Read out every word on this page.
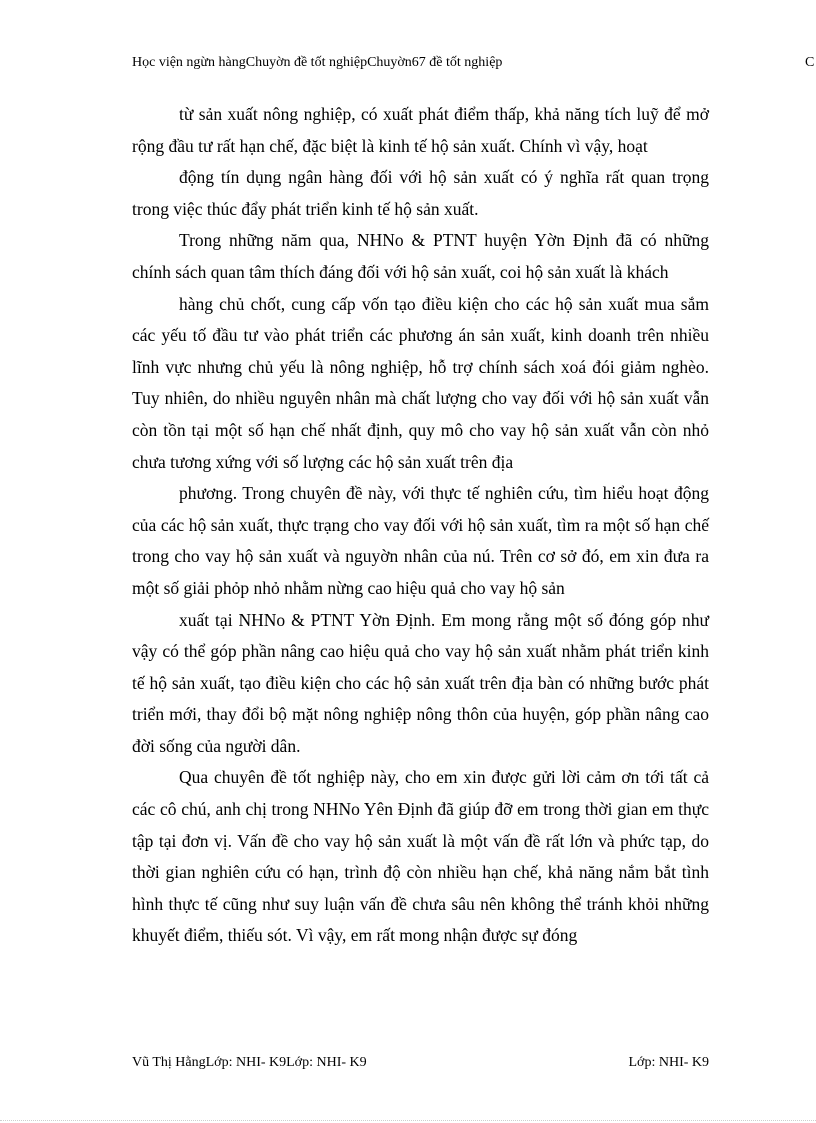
Học viện ngừn hàngChuyờn đề tốt nghiệpChuyờn67 đề tốt nghiệp	C

từ sản xuất nông nghiệp, có xuất phát điểm thấp, khả năng tích luỹ để mở rộng đầu tư rất hạn chế, đặc biệt là kinh tế hộ sản xuất. Chính vì vậy, hoạt

động tín dụng ngân hàng đối với hộ sản xuất có ý nghĩa rất quan trọng trong việc thúc đẩy phát triển kinh tế hộ sản xuất.

Trong những năm qua, NHNo & PTNT huyện Yờn Định đã có những chính sách quan tâm thích đáng đối với hộ sản xuất, coi hộ sản xuất là khách

hàng chủ chốt, cung cấp vốn tạo điều kiện cho các hộ sản xuất mua sắm các yếu tố đầu tư vào phát triển các phương án sản xuất, kinh doanh trên nhiều lĩnh vực nhưng chủ yếu là nông nghiệp, hỗ trợ chính sách xoá đói giảm nghèo. Tuy nhiên, do nhiều nguyên nhân mà chất lượng cho vay đối với hộ sản xuất vẫn còn tồn tại một số hạn chế nhất định, quy mô cho vay hộ sản xuất vẫn còn nhỏ chưa tương xứng với số lượng các hộ sản xuất trên địa

phương. Trong chuyên đề này, với thực tế nghiên cứu, tìm hiểu hoạt động của các hộ sản xuất, thực trạng cho vay đối với hộ sản xuất, tìm ra một số hạn chế trong cho vay hộ sản xuất và nguyờn nhân của nú. Trên cơ sở đó, em xin đưa ra một số giải phỏp nhỏ nhằm nừng cao hiệu quả cho vay hộ sản

xuất tại NHNo & PTNT Yờn Định. Em mong rằng một số đóng góp như vậy có thể góp phần nâng cao hiệu quả cho vay hộ sản xuất nhằm phát triển kinh tế hộ sản xuất, tạo điều kiện cho các hộ sản xuất trên địa bàn có những bước phát triển mới, thay đổi bộ mặt nông nghiệp nông thôn của huyện, góp phần nâng cao đời sống của người dân.

Qua chuyên đề tốt nghiệp này, cho em xin được gửi lời cảm ơn tới tất cả các cô chú, anh chị trong NHNo Yên Định đã giúp đỡ em trong thời gian em thực tập tại đơn vị. Vấn đề cho vay hộ sản xuất là một vấn đề rất lớn và phức tạp, do thời gian nghiên cứu có hạn, trình độ còn nhiều hạn chế, khả năng nắm bắt tình hình thực tế cũng như suy luận vấn đề chưa sâu nên không thể tránh khỏi những khuyết điểm, thiếu sót. Vì vậy, em rất mong nhận được sự đóng

Vũ Thị HằngLớp: NHI- K9Lớp: NHI- K9	Lớp: NHI- K9
